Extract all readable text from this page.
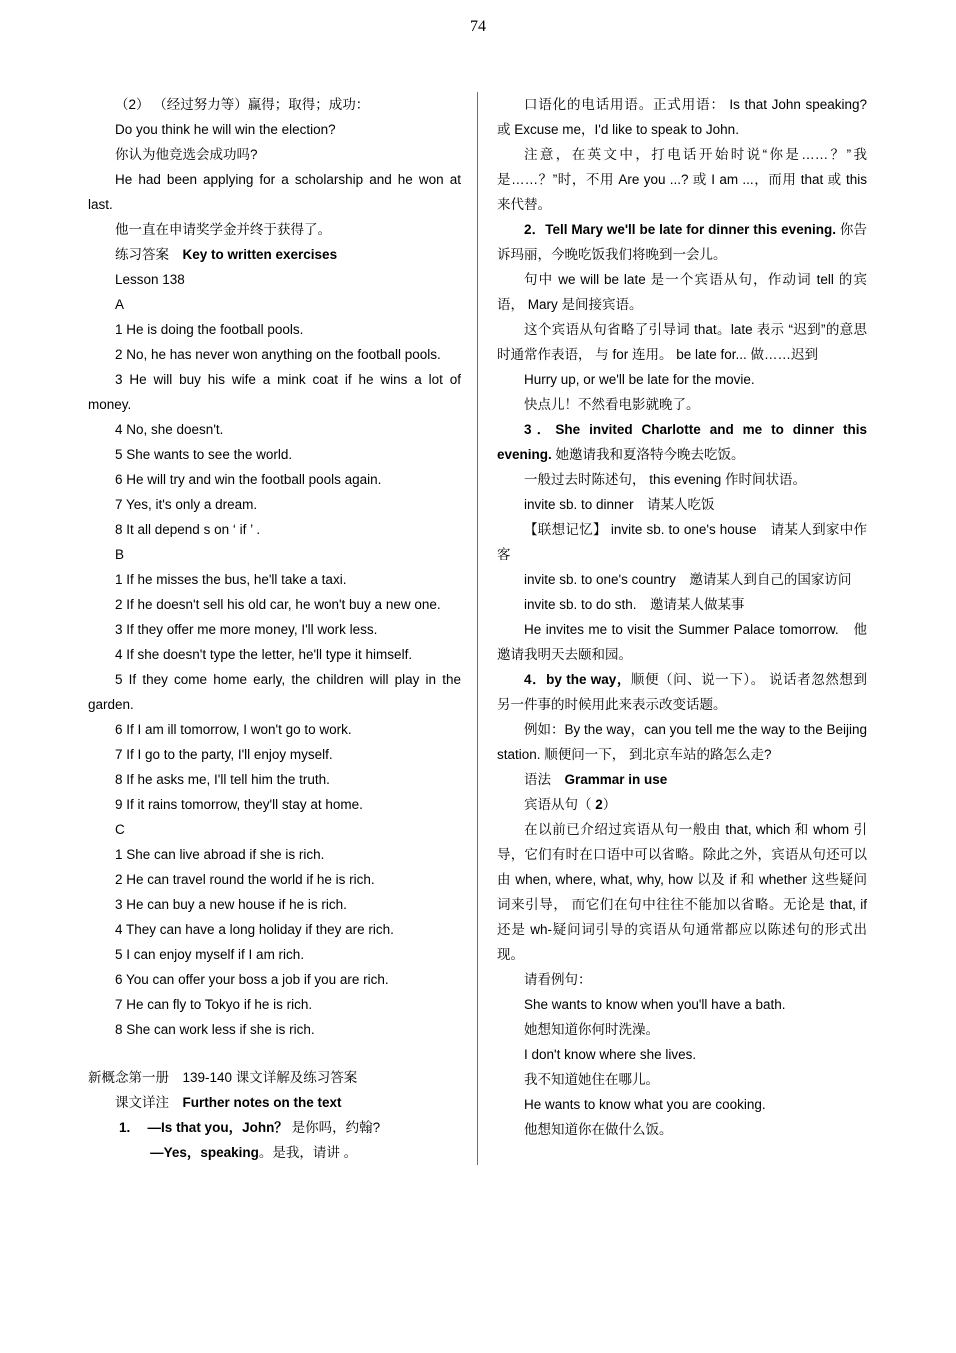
74

（2） （经过努力等）赢得；取得；成功：

Do you think he will win the election?

你认为他竞选会成功吗?

He had been applying for a scholarship and he won at last.

他一直在申请奖学金并终于获得了。

练习答案　Key to written exercises

Lesson 138

A

1 He is doing the football pools.

2 No, he has never won anything on the football pools.

3 He will buy his wife a mink coat if he wins a lot of money.

4 No, she doesn't.

5 She wants to see the world.

6 He will try and win the football pools again.

7 Yes, it's only a dream.

8 It all depend s on ‘ if ’ .

B

1 If he misses the bus, he'll take a taxi.

2 If he doesn't sell his old car, he won't buy a new one.

3 If they offer me more money, I'll work less.

4 If she doesn't type the letter, he'll type it himself.

5 If they come home early, the children will play in the garden.

6 If I am ill tomorrow, I won't go to work.

7 If I go to the party, I'll enjoy myself.

8 If he asks me, I'll tell him the truth.

9 If it rains tomorrow, they'll stay at home.

C

1 She can live abroad if she is rich.

2 He can travel round the world if he is rich.

3 He can buy a new house if he is rich.

4 They can have a long holiday if they are rich.

5 I can enjoy myself if I am rich.

6 You can offer your boss a job if you are rich.

7 He can fly to Tokyo if he is rich.

8 She can work less if she is rich.

新概念第一册　139-140 课文详解及练习答案

课文详注　Further notes on the text

1.　 —Is that you，John？ 是你吗，约翰?

—Yes，speaking。是我，请讲 。

口语化的电话用语。正式用语： Is that John speaking? 或 Excuse me，I'd like to speak to John.

注意，在英文中，打电话开始时说“你是……？”我是……？”时，不用 Are you ...? 或 I am ...，而用 that 或 this 来代替。

2．Tell Mary we'll be late for dinner this evening. 你告诉玛丽，今晚吃饭我们将晚到一会儿。

句中 we will be late 是一个宾语从句，作动词 tell 的宾语， Mary 是间接宾语。

这个宾语从句省略了引导词 that。late 表示 “迟到”的意思时通常作表语， 与 for 连用。 be late for... 做……迟到

Hurry up, or we'll be late for the movie.

快点儿！不然看电影就晚了。

3．She invited Charlotte and me to dinner this evening. 她邀请我和夏洛特今晚去吃饭。

一般过去时陈述句， this evening 作时间状语。

invite sb. to dinner　请某人吃饭

【联想记忆】 invite sb. to one's house　请某人到家中作客

invite sb. to one's country　邀请某人到自己的国家访问

invite sb. to do sth.　邀请某人做某事

He invites me to visit the Summer Palace tomorrow.　他邀请我明天去颐和园。

4．by the way，顺便（问、说一下）。 说话者忽然想到另一件事的时候用此来表示改变话题。

例如：By the way，can you tell me the way to the Beijing station. 顺便问一下， 到北京车站的路怎么走?

语法　Grammar in use

宾语从句（ 2）

在以前已介绍过宾语从句一般由 that, which 和 whom 引导，它们有时在口语中可以省略。除此之外，宾语从句还可以由 when, where, what, why, how 以及 if 和 whether 这些疑问词来引导， 而它们在句中往往不能加以省略。无论是 that, if 还是 wh-疑问词引导的宾语从句通常都应以陈述句的形式出现。

请看例句：

She wants to know when you'll have a bath.

她想知道你何时洗澡。

I don't know where she lives.

我不知道她住在哪儿。

He wants to know what you are cooking.

他想知道你在做什么饭。
